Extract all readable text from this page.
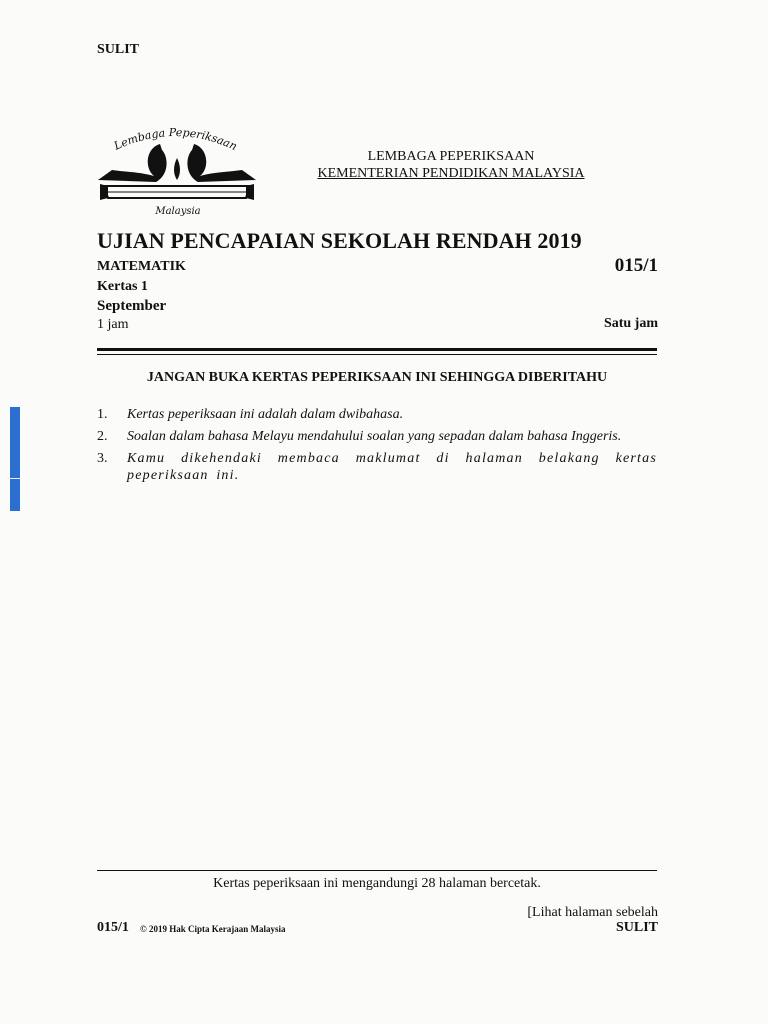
SULIT
Lembaga Peperiksaan
Malaysia
LEMBAGA PEPERIKSAAN
KEMENTERIAN PENDIDIKAN MALAYSIA
UJIAN PENCAPAIAN SEKOLAH RENDAH 2019
MATEMATIK	015/1
Kertas 1
September
1 jam	Satu jam
JANGAN BUKA KERTAS PEPERIKSAAN INI SEHINGGA DIBERITAHU
1.	Kertas peperiksaan ini adalah dalam dwibahasa.
2.	Soalan dalam bahasa Melayu mendahului soalan yang sepadan dalam bahasa Inggeris.
3.	Kamu dikehendaki membaca maklumat di halaman belakang kertas peperiksaan ini.
Kertas peperiksaan ini mengandungi 28 halaman bercetak.
[Lihat halaman sebelah
015/1 © 2019 Hak Cipta Kerajaan Malaysia	SULIT
